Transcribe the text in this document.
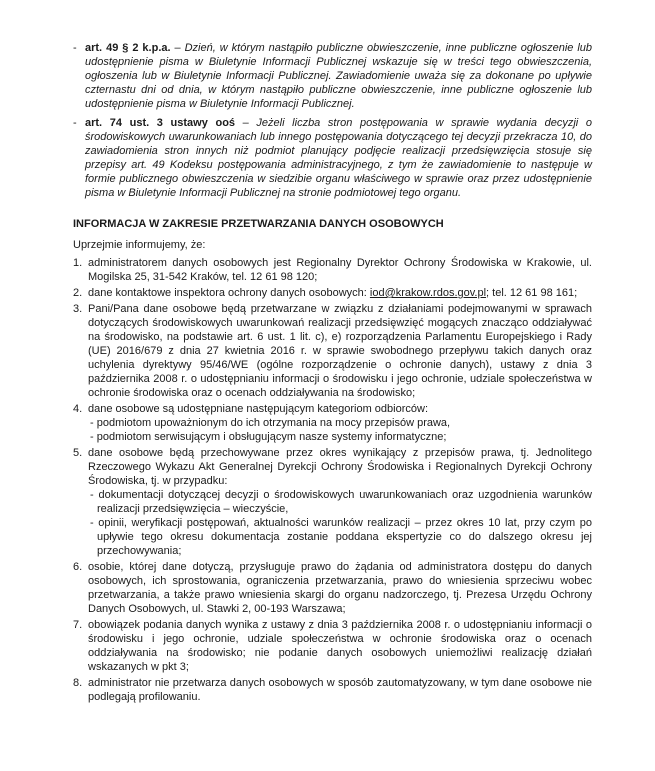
- art. 49 § 2 k.p.a. – Dzień, w którym nastąpiło publiczne obwieszczenie, inne publiczne ogłoszenie lub udostępnienie pisma w Biuletynie Informacji Publicznej wskazuje się w treści tego obwieszczenia, ogłoszenia lub w Biuletynie Informacji Publicznej. Zawiadomienie uważa się za dokonane po upływie czternastu dni od dnia, w którym nastąpiło publiczne obwieszczenie, inne publiczne ogłoszenie lub udostępnienie pisma w Biuletynie Informacji Publicznej.
- art. 74 ust. 3 ustawy ooś – Jeżeli liczba stron postępowania w sprawie wydania decyzji o środowiskowych uwarunkowaniach lub innego postępowania dotyczącego tej decyzji przekracza 10, do zawiadomienia stron innych niż podmiot planujący podjęcie realizacji przedsięwzięcia stosuje się przepisy art. 49 Kodeksu postępowania administracyjnego, z tym że zawiadomienie to następuje w formie publicznego obwieszczenia w siedzibie organu właściwego w sprawie oraz przez udostępnienie pisma w Biuletynie Informacji Publicznej na stronie podmiotowej tego organu.
INFORMACJA W ZAKRESIE PRZETWARZANIA DANYCH OSOBOWYCH
Uprzejmie informujemy, że:
1. administratorem danych osobowych jest Regionalny Dyrektor Ochrony Środowiska w Krakowie, ul. Mogilska 25, 31-542 Kraków, tel. 12 61 98 120;
2. dane kontaktowe inspektora ochrony danych osobowych: iod@krakow.rdos.gov.pl; tel. 12 61 98 161;
3. Pani/Pana dane osobowe będą przetwarzane w związku z działaniami podejmowanymi w sprawach dotyczących środowiskowych uwarunkowań realizacji przedsięwzięć mogących znacząco oddziaływać na środowisko, na podstawie art. 6 ust. 1 lit. c), e) rozporządzenia Parlamentu Europejskiego i Rady (UE) 2016/679 z dnia 27 kwietnia 2016 r. w sprawie swobodnego przepływu takich danych oraz uchylenia dyrektywy 95/46/WE (ogólne rozporządzenie o ochronie danych), ustawy z dnia 3 października 2008 r. o udostępnianiu informacji o środowisku i jego ochronie, udziale społeczeństwa w ochronie środowiska oraz o ocenach oddziaływania na środowisko;
4. dane osobowe są udostępniane następującym kategoriom odbiorców:
- podmiotom upoważnionym do ich otrzymania na mocy przepisów prawa,
- podmiotom serwisującym i obsługującym nasze systemy informatyczne;
5. dane osobowe będą przechowywane przez okres wynikający z przepisów prawa, tj. Jednolitego Rzeczowego Wykazu Akt Generalnej Dyrekcji Ochrony Środowiska i Regionalnych Dyrekcji Ochrony Środowiska, tj. w przypadku:
- dokumentacji dotyczącej decyzji o środowiskowych uwarunkowaniach oraz uzgodnienia warunków realizacji przedsięwzięcia – wieczyście,
- opinii, weryfikacji postępowań, aktualności warunków realizacji – przez okres 10 lat, przy czym po upływie tego okresu dokumentacja zostanie poddana ekspertyzie co do dalszego okresu jej przechowywania;
6. osobie, której dane dotyczą, przysługuje prawo do żądania od administratora dostępu do danych osobowych, ich sprostowania, ograniczenia przetwarzania, prawo do wniesienia sprzeciwu wobec przetwarzania, a także prawo wniesienia skargi do organu nadzorczego, tj. Prezesa Urzędu Ochrony Danych Osobowych, ul. Stawki 2, 00-193 Warszawa;
7. obowiązek podania danych wynika z ustawy z dnia 3 października 2008 r. o udostępnianiu informacji o środowisku i jego ochronie, udziale społeczeństwa w ochronie środowiska oraz o ocenach oddziaływania na środowisko; nie podanie danych osobowych uniemożliwi realizację działań wskazanych w pkt 3;
8. administrator nie przetwarza danych osobowych w sposób zautomatyzowany, w tym dane osobowe nie podlegają profilowaniu.
